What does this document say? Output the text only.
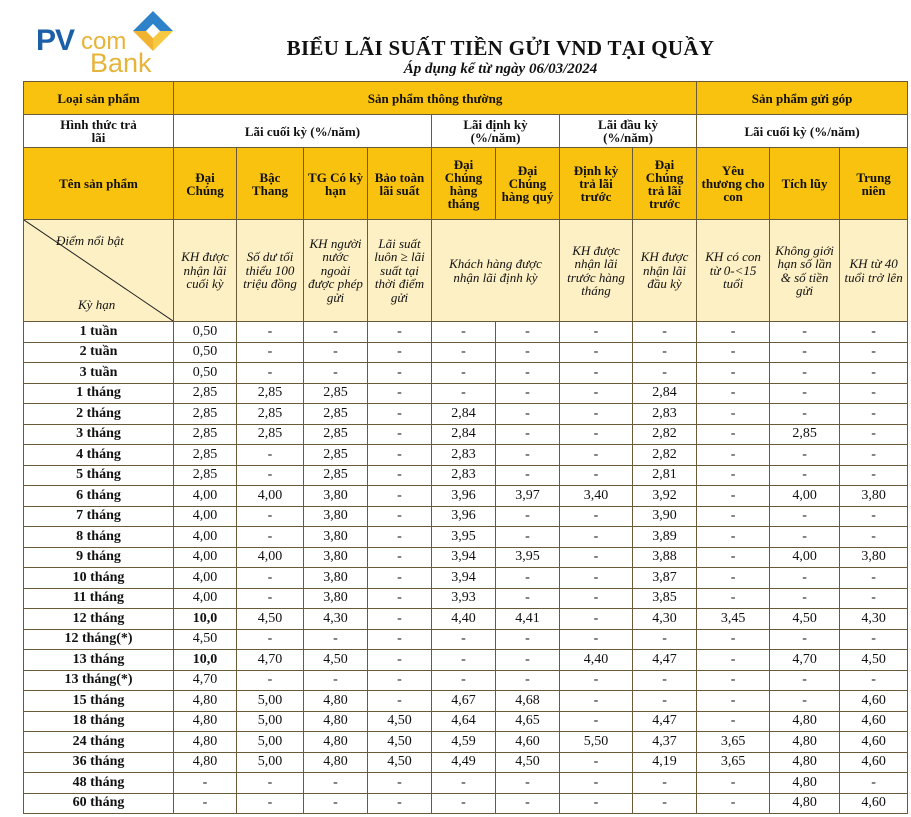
PV com
Bank	BIỂU LÃI SUẤT TIỀN GỬI VND TẠI QUẦY
Áp dụng kể từ ngày 06/03/2024
Loại sản phẩm	Sản phẩm thông thường								Sản phẩm gửi góp		
Hình thức trả lãi	Lãi cuối kỳ (%/năm)				Lãi định kỳ (%/năm)		Lãi đầu kỳ (%/năm)		Lãi cuối kỳ (%/năm)		
Tên sản phẩm	Đại Chúng	Bậc Thang	TG Có kỳ hạn	Bảo toàn lãi suất	Đại Chúng hàng tháng	Đại Chúng hàng quý	Định kỳ trả lãi trước	Đại Chúng trả lãi trước	Yêu thương cho con	Tích lũy	Trung niên

Điểm nổi bật
Kỳ hạn	KH được nhận lãi cuối kỳ	Số dư tối thiểu 100 triệu đồng	KH người nước ngoài được phép gửi	Lãi suất luôn ≥ lãi suất tại thời điểm gửi	Khách hàng được nhận lãi định kỳ		KH được nhận lãi trước hàng tháng	KH được nhận lãi đầu kỳ	KH có con từ 0-<15 tuổi	Không giới hạn số lần & số tiền gửi	KH từ 40 tuổi trở lên
1 tuần	0,50	-	-	-	-	-	-	-	-	-	-
2 tuần	0,50	-	-	-	-	-	-	-	-	-	-
3 tuần	0,50	-	-	-	-	-	-	-	-	-	-
1 tháng	2,85	2,85	2,85	-	-	-	-	2,84	-	-	-
2 tháng	2,85	2,85	2,85	-	2,84	-	-	2,83	-	-	-
3 tháng	2,85	2,85	2,85	-	2,84	-	-	2,82	-	2,85	-
4 tháng	2,85	-	2,85	-	2,83	-	-	2,82	-	-	-
5 tháng	2,85	-	2,85	-	2,83	-	-	2,81	-	-	-
6 tháng	4,00	4,00	3,80	-	3,96	3,97	3,40	3,92	-	4,00	3,80
7 tháng	4,00	-	3,80	-	3,96	-	-	3,90	-	-	-
8 tháng	4,00	-	3,80	-	3,95	-	-	3,89	-	-	-
9 tháng	4,00	4,00	3,80	-	3,94	3,95	-	3,88	-	4,00	3,80
10 tháng	4,00	-	3,80	-	3,94	-	-	3,87	-	-	-
11 tháng	4,00	-	3,80	-	3,93	-	-	3,85	-	-	-
12 tháng	10,0	4,50	4,30	-	4,40	4,41	-	4,30	3,45	4,50	4,30
12 tháng(*)	4,50	-	-	-	-	-	-	-	-	-	-
13 tháng	10,0	4,70	4,50	-	-	-	4,40	4,47	-	4,70	4,50
13 tháng(*)	4,70	-	-	-	-	-	-	-	-	-	-
15 tháng	4,80	5,00	4,80	-	4,67	4,68	-	-	-	-	4,60
18 tháng	4,80	5,00	4,80	4,50	4,64	4,65	-	4,47	-	4,80	4,60
24 tháng	4,80	5,00	4,80	4,50	4,59	4,60	5,50	4,37	3,65	4,80	4,60
36 tháng	4,80	5,00	4,80	4,50	4,49	4,50	-	4,19	3,65	4,80	4,60
48 tháng	-	-	-	-	-	-	-	-	-	4,80	-
60 tháng	-	-	-	-	-	-	-	-	-	4,80	4,60
